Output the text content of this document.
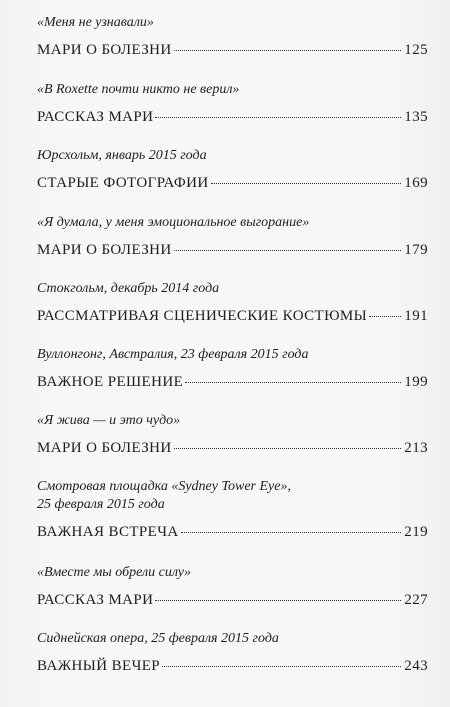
«Меня не узнавали»

МАРИ О БОЛЕЗНИ	125

«В Roxette почти никто не верил»

РАССКАЗ МАРИ	135

Юрсхольм, январь 2015 года

СТАРЫЕ ФОТОГРАФИИ	169

«Я думала, у меня эмоциональное выгорание»

МАРИ О БОЛЕЗНИ	179

Стокгольм, декабрь 2014 года

РАССМАТРИВАЯ СЦЕНИЧЕСКИЕ КОСТЮМЫ 191

Вуллонгонг, Австралия, 23 февраля 2015 года

ВАЖНОЕ РЕШЕНИЕ	199

«Я жива — и это чудо»

МАРИ О БОЛЕЗНИ	213

Смотровая площадка «Sydney Tower Eye»,

25 февраля 2015 года

ВАЖНАЯ ВСТРЕЧА	219

«Вместе мы обрели силу»

РАССКАЗ МАРИ	227

Сиднейская опера, 25 февраля 2015 года

ВАЖНЫЙ ВЕЧЕР	243
